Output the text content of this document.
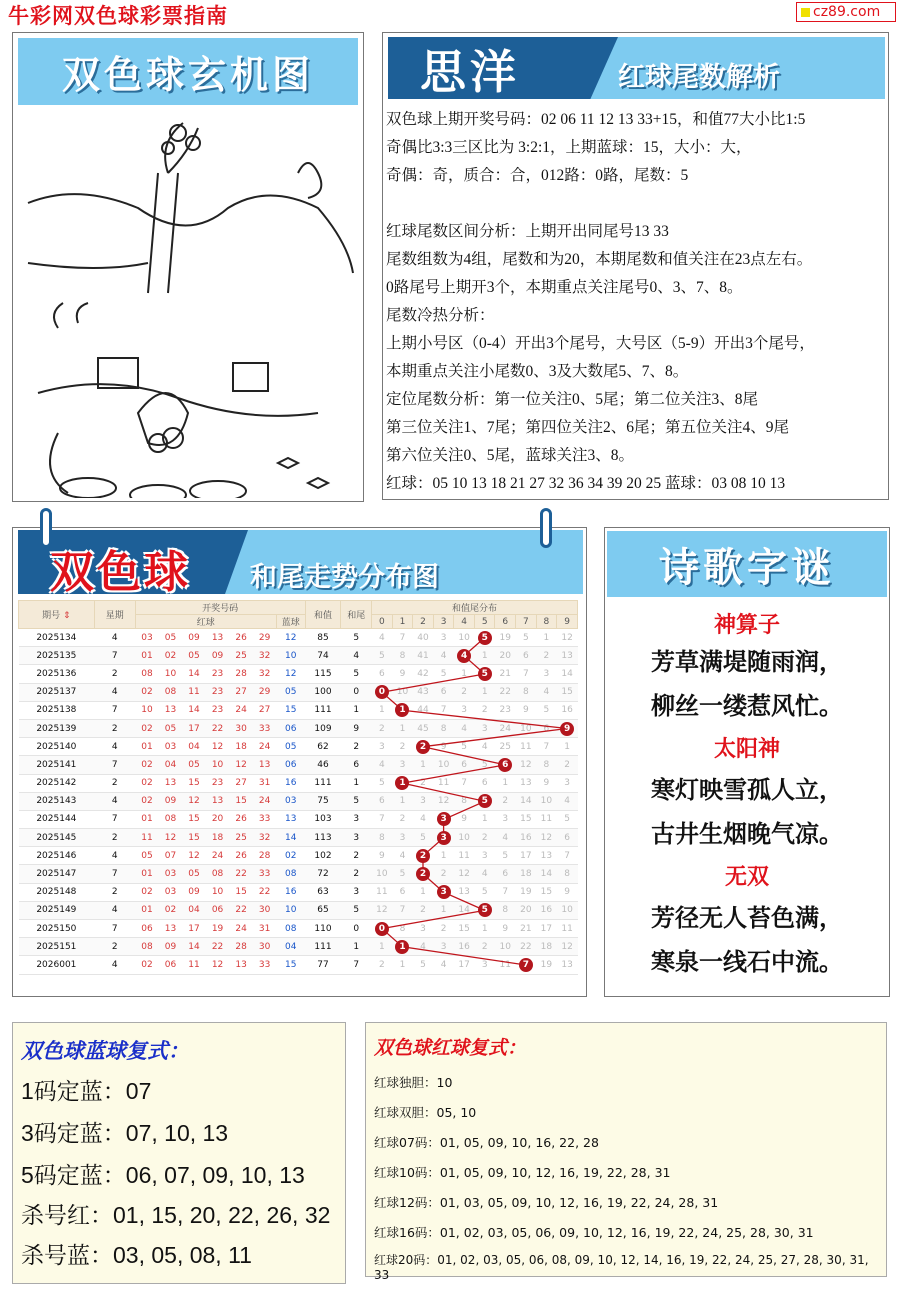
牛彩网双色球彩票指南	cz89.com
双色球玄机图	思洋	红球尾数解析
双色球上期开奖号码：02 06 11 12 13 33+15，和值77大小比1:5
奇偶比3:3三区比为 3:2:1，上期蓝球：15，大小：大，
奇偶：奇，质合：合，012路：0路，尾数：5
红球尾数区间分析：上期开出同尾号13 33
尾数组数为4组，尾数和为20，本期尾数和值关注在23点左右。
0路尾号上期开3个，本期重点关注尾号0、3、7、8。
尾数冷热分析：
上期小号区（0-4）开出3个尾号，大号区（5-9）开出3个尾号，
本期重点关注小尾数0、3及大数尾5、7、8。
定位尾数分析：第一位关注0、5尾；第二位关注3、8尾
第三位关注1、7尾；第四位关注2、6尾；第五位关注4、9尾
第六位关注0、5尾，蓝球关注3、8。
红球：05 10 13 18 21 27 32 36 34 39 20 25 蓝球：03 08 10 13
双色球 和尾走势分布图
期号 ⇕	星期	开奖号码							和值	和尾	和值尾分布									
		红球						蓝球			0	1	2	3	4	5	6	7	8	9
2025134	4	03	05	09	13	26	29	12	85	5	4	7	40	3	10	5	19	5	1	12
2025135	7	01	02	05	09	25	32	10	74	4	5	8	41	4	4	1	20	6	2	13
2025136	2	08	10	14	23	28	32	12	115	5	6	9	42	5	1	5	21	7	3	14
2025137	4	02	08	11	23	27	29	05	100	0	0	10	43	6	2	1	22	8	4	15
2025138	7	10	13	14	23	24	27	15	111	1	1	1	44	7	3	2	23	9	5	16
2025139	2	02	05	17	22	30	33	06	109	9	2	1	45	8	4	3	24	10	6	9
2025140	4	01	03	04	12	18	24	05	62	2	3	2	2	9	5	4	25	11	7	1
2025141	7	02	04	05	10	12	13	06	46	6	4	3	1	10	6	5	6	12	8	2
2025142	2	02	13	15	23	27	31	16	111	1	5	1	2	11	7	6	1	13	9	3
2025143	4	02	09	12	13	15	24	03	75	5	6	1	3	12	8	5	2	14	10	4
2025144	7	01	08	15	20	26	33	13	103	3	7	2	4	3	9	1	3	15	11	5
2025145	2	11	12	15	18	25	32	14	113	3	8	3	5	3	10	2	4	16	12	6
2025146	4	05	07	12	24	26	28	02	102	2	9	4	2	1	11	3	5	17	13	7
2025147	7	01	03	05	08	22	33	08	72	2	10	5	2	2	12	4	6	18	14	8
2025148	2	02	03	09	10	15	22	16	63	3	11	6	1	3	13	5	7	19	15	9
2025149	4	01	02	04	06	22	30	10	65	5	12	7	2	1	14	5	8	20	16	10
2025150	7	06	13	17	19	24	31	08	110	0	0	8	3	2	15	1	9	21	17	11
2025151	2	08	09	14	22	28	30	04	111	1	1	1	4	3	16	2	10	22	18	12
2026001	4	02	06	11	12	13	33	15	77	7	2	1	5	4	17	3	11	7	19	13
诗歌字谜
神算子
芳草满堤随雨润，
柳丝一缕惹风忙。
太阳神
寒灯映雪孤人立，
古井生烟晚气凉。
无双
芳径无人苔色满，
寒泉一线石中流。
双色球蓝球复式：
1码定蓝：07
3码定蓝：07, 10, 13
5码定蓝：06, 07, 09, 10, 13
杀号红：01, 15, 20, 22, 26, 32
杀号蓝：03, 05, 08, 11
双色球红球复式：
红球独胆：10
红球双胆：05, 10
红球07码：01, 05, 09, 10, 16, 22, 28
红球10码：01, 05, 09, 10, 12, 16, 19, 22, 28, 31
红球12码：01, 03, 05, 09, 10, 12, 16, 19, 22, 24, 28, 31
红球16码：01, 02, 03, 05, 06, 09, 10, 12, 16, 19, 22, 24, 25, 28, 30, 31
红球20码：01, 02, 03, 05, 06, 08, 09, 10, 12, 14, 16, 19, 22, 24, 25, 27, 28, 30, 31, 33
